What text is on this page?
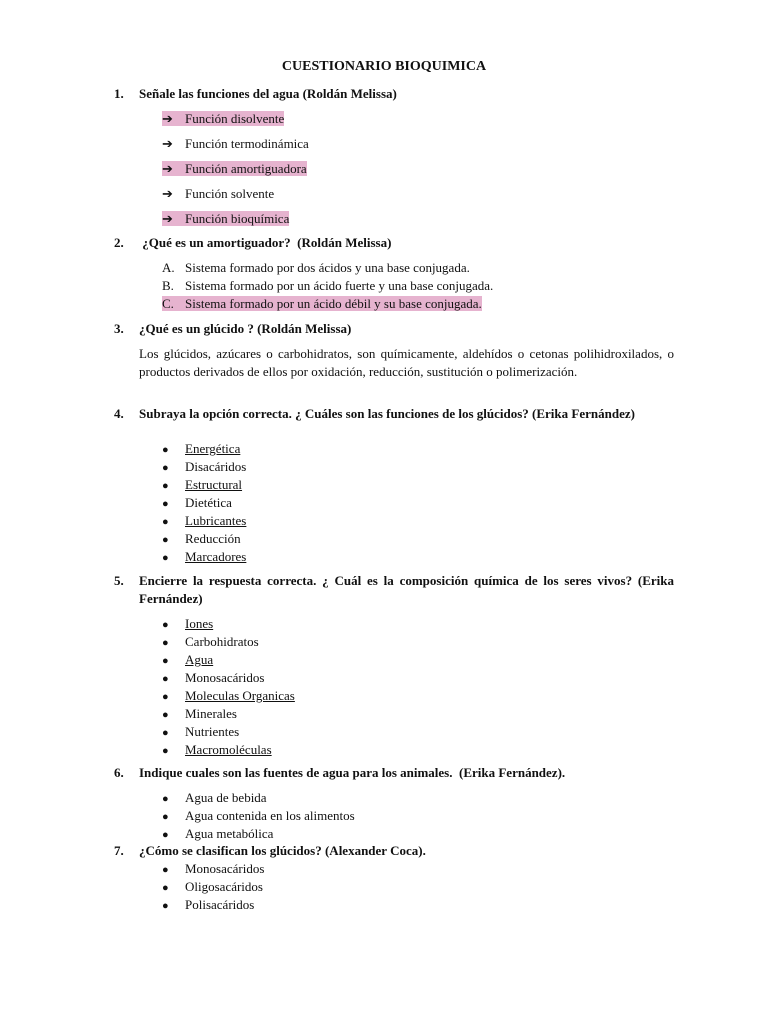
CUESTIONARIO BIOQUIMICA
1. Señale las funciones del agua (Roldán Melissa)
➔ Función disolvente
➔ Función termodinámica
➔ Función amortiguadora
➔ Función solvente
➔ Función bioquímica
2. ¿Qué es un amortiguador?  (Roldán Melissa)
A. Sistema formado por dos ácidos y una base conjugada.
B. Sistema formado por un ácido fuerte y una base conjugada.
C. Sistema formado por un ácido débil y su base conjugada.
3. ¿Qué es un glúcido ? (Roldán Melissa)
Los glúcidos, azúcares o carbohidratos, son químicamente, aldehídos o cetonas polihidroxilados, o productos derivados de ellos por oxidación, reducción, sustitución o polimerización.
4. Subraya la opción correcta. ¿ Cuáles son las funciones de los glúcidos? (Erika Fernández)
● Energética
● Disacáridos
● Estructural
● Dietética
● Lubricantes
● Reducción
● Marcadores
5. Encierre la respuesta correcta. ¿ Cuál es la composición química de los seres vivos? (Erika Fernández)
● Iones
● Carbohidratos
● Agua
● Monosacáridos
● Moleculas Organicas
● Minerales
● Nutrientes
● Macromoléculas
6. Indique cuales son las fuentes de agua para los animales.  (Erika Fernández).
● Agua de bebida
● Agua contenida en los alimentos
● Agua metabólica
7. ¿Cómo se clasifican los glúcidos? (Alexander Coca).
● Monosacáridos
● Oligosacáridos
● Polisacáridos
